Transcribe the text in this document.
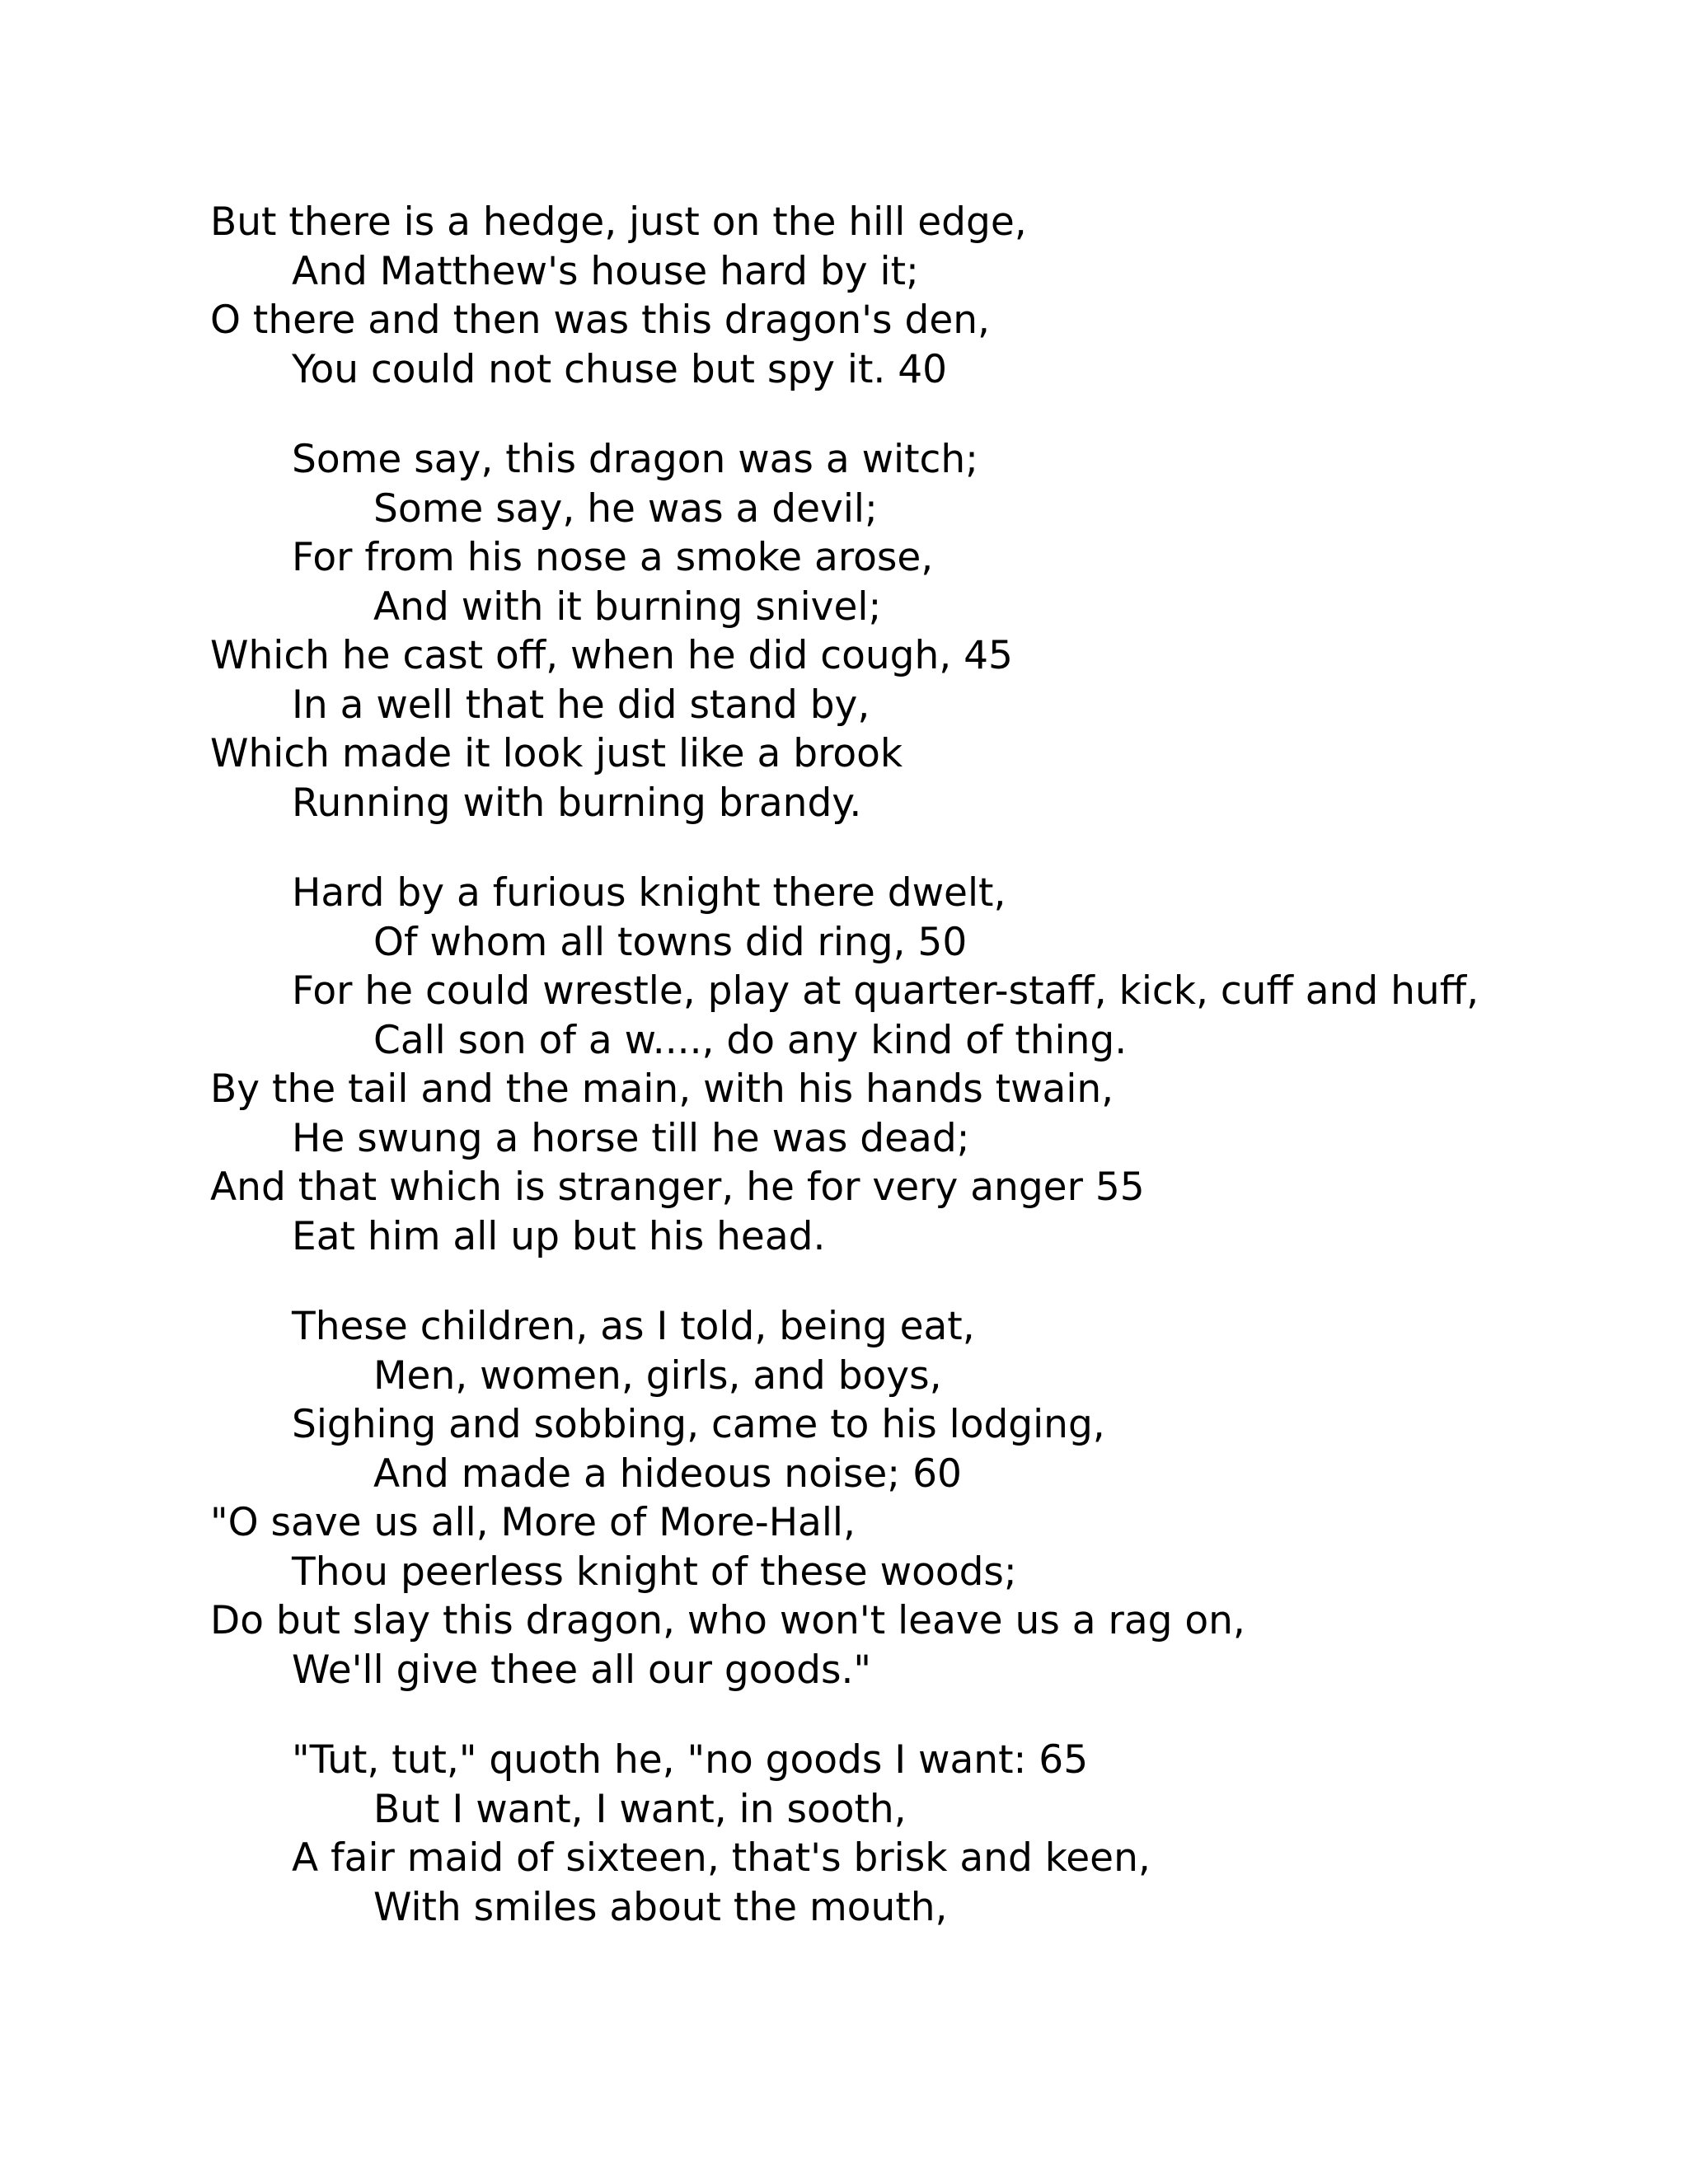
But there is a hedge, just on the hill edge,
And Matthew's house hard by it;
O there and then was this dragon's den,
You could not chuse but spy it. 40
Some say, this dragon was a witch;
Some say, he was a devil;
For from his nose a smoke arose,
And with it burning snivel;
Which he cast off, when he did cough, 45
In a well that he did stand by,
Which made it look just like a brook
Running with burning brandy.
Hard by a furious knight there dwelt,
Of whom all towns did ring, 50
For he could wrestle, play at quarter-staff, kick, cuff and huff,
Call son of a w...., do any kind of thing.
By the tail and the main, with his hands twain,
He swung a horse till he was dead;
And that which is stranger, he for very anger 55
Eat him all up but his head.
These children, as I told, being eat,
Men, women, girls, and boys,
Sighing and sobbing, came to his lodging,
And made a hideous noise; 60
"O save us all, More of More-Hall,
Thou peerless knight of these woods;
Do but slay this dragon, who won't leave us a rag on,
We'll give thee all our goods."
"Tut, tut," quoth he, "no goods I want: 65
But I want, I want, in sooth,
A fair maid of sixteen, that's brisk and keen,
With smiles about the mouth,
